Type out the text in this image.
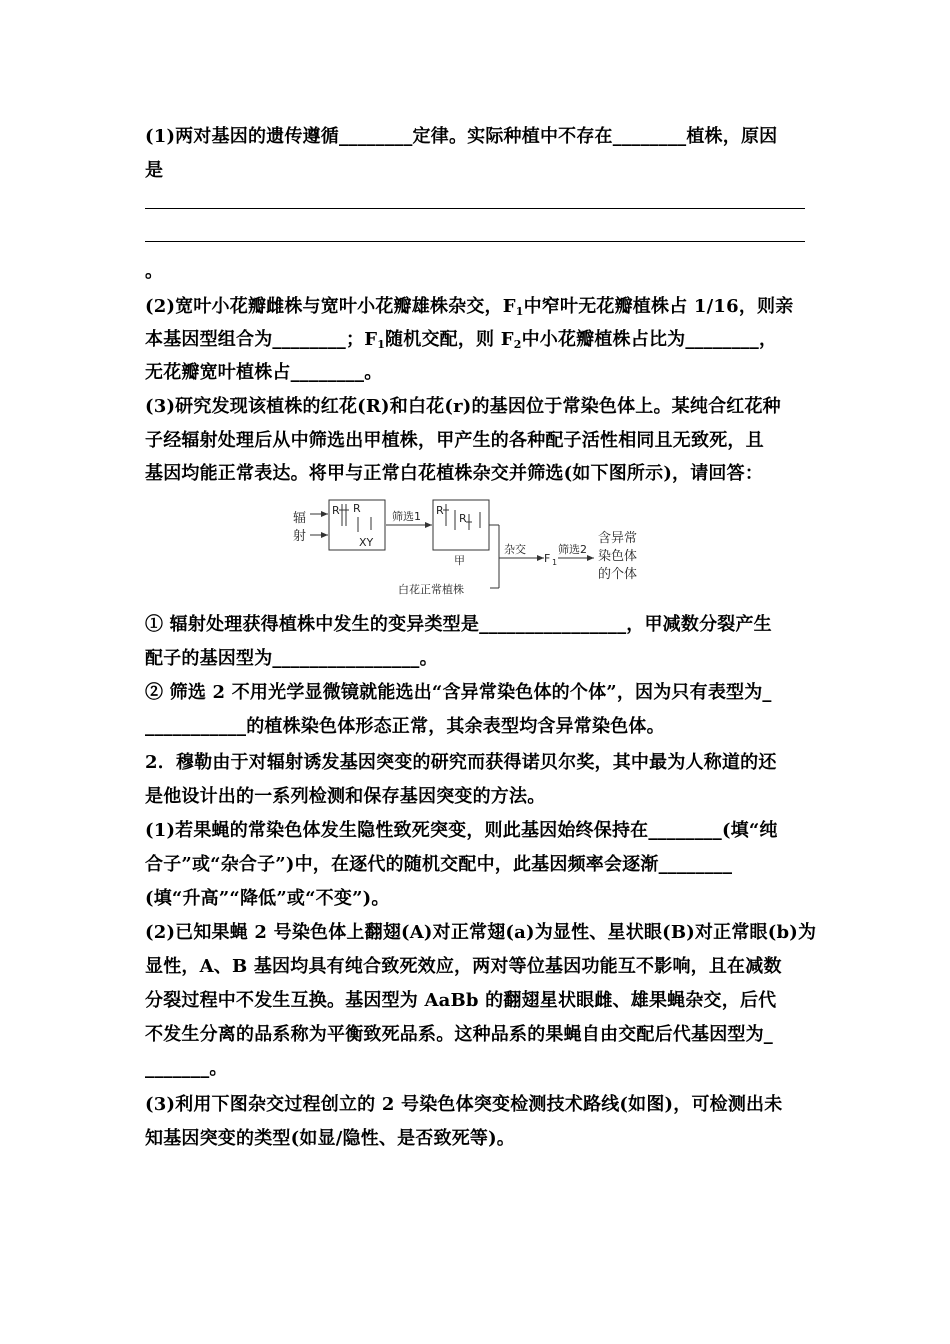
(1)两对基因的遗传遵循________定律。实际种植中不存在________植株，原因
是
。
(2)宽叶小花瓣雌株与宽叶小花瓣雄株杂交，$F_1$中窄叶无花瓣植株占 1/16，则亲
本基因型组合为________；$F_1$随机交配，则 $F_2$中小花瓣植株占比为________，
无花瓣宽叶植株占________。
(3)研究发现该植株的红花(R)和白花(r)的基因位于常染色体上。某纯合红花种
子经辐射处理后从中筛选出甲植株，甲产生的各种配子活性相同且无致死，且
基因均能正常表达。将甲与正常白花植株杂交并筛选(如下图所示)，请回答：
辐
射
R R
XY
筛选1 R
R
甲
白花正常植株
杂交
F 1
筛选2
含异常
染色体
的个体
① 辐射处理获得植株中发生的变异类型是________________，甲减数分裂产生
配子的基因型为________________。
② 筛选 2 不用光学显微镜就能选出“含异常染色体的个体”，因为只有表型为_
___________的植株染色体形态正常，其余表型均含异常染色体。
2．穆勒由于对辐射诱发基因突变的研究而获得诺贝尔奖，其中最为人称道的还
是他设计出的一系列检测和保存基因突变的方法。
(1)若果蝇的常染色体发生隐性致死突变，则此基因始终保持在________(填“纯
合子”或“杂合子”)中，在逐代的随机交配中，此基因频率会逐渐________
(填“升高”“降低”或“不变”)。
(2)已知果蝇 2 号染色体上翻翅(A)对正常翅(a)为显性、星状眼(B)对正常眼(b)为
显性，A、B 基因均具有纯合致死效应，两对等位基因功能互不影响，且在减数
分裂过程中不发生互换。基因型为 AaBb 的翻翅星状眼雌、雄果蝇杂交，后代
不发生分离的品系称为平衡致死品系。这种品系的果蝇自由交配后代基因型为_
_______。
(3)利用下图杂交过程创立的 2 号染色体突变检测技术路线(如图)，可检测出未
知基因突变的类型(如显/隐性、是否致死等)。
